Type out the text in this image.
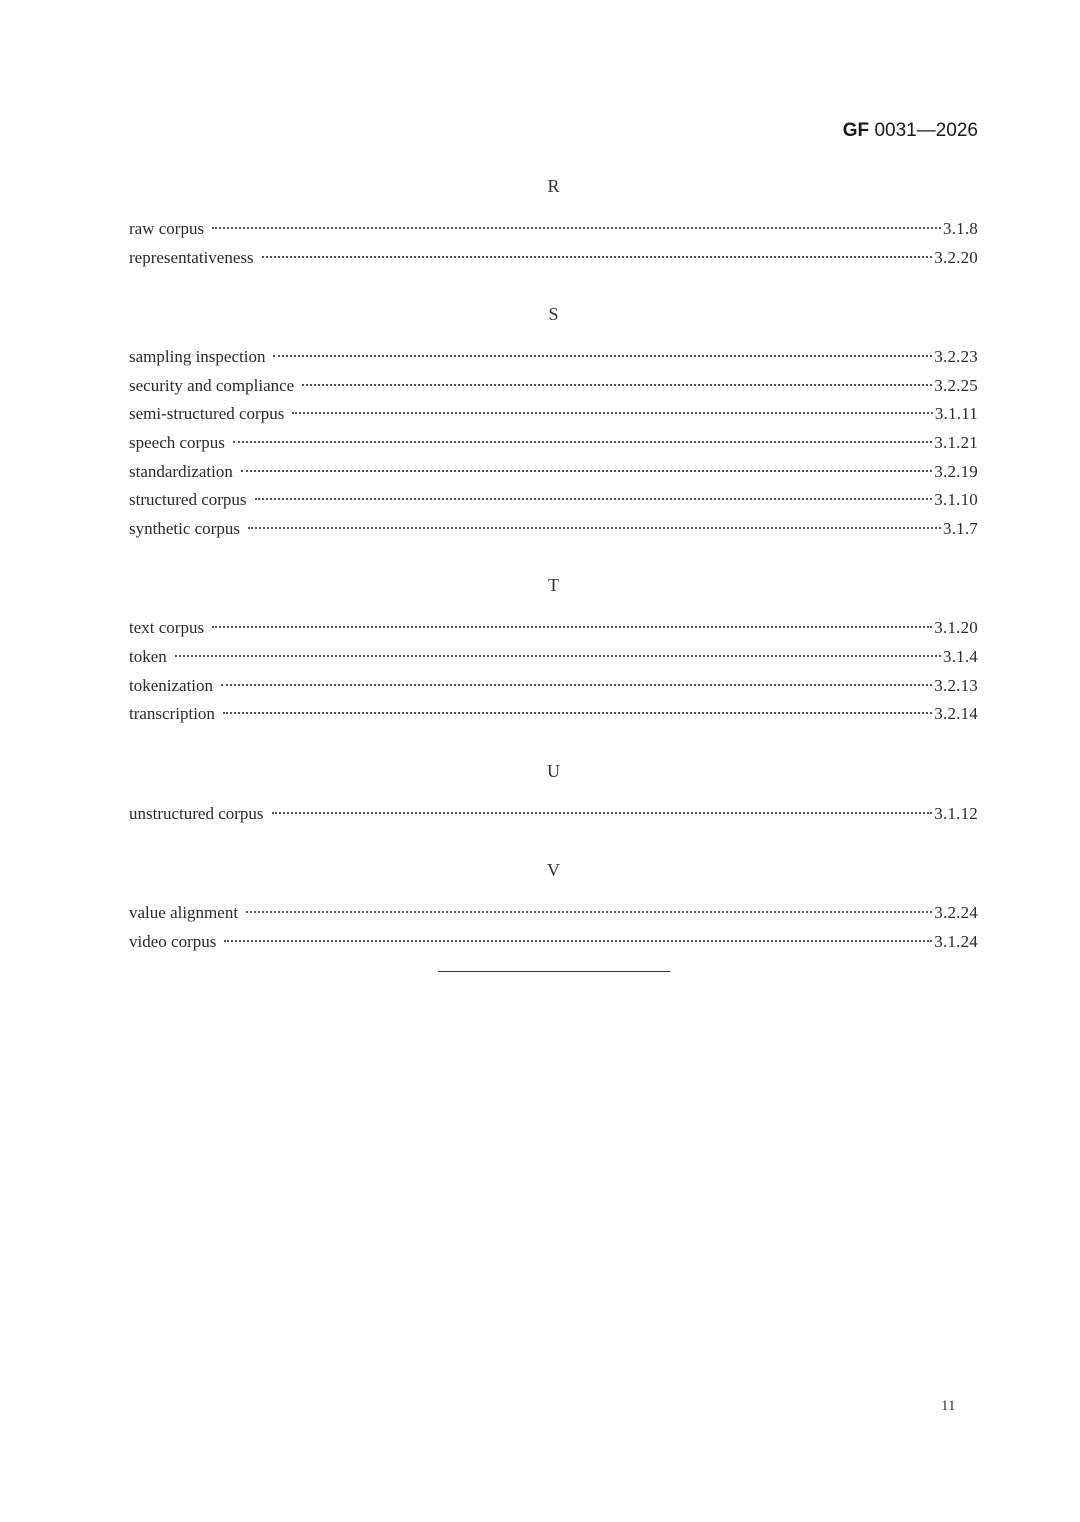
GF 0031—2026
R
raw corpus	3.1.8
representativeness	3.2.20
S
sampling inspection	3.2.23
security and compliance	3.2.25
semi-structured corpus	3.1.11
speech corpus	3.1.21
standardization	3.2.19
structured corpus	3.1.10
synthetic corpus	3.1.7
T
text corpus	3.1.20
token	3.1.4
tokenization	3.2.13
transcription	3.2.14
U
unstructured corpus	3.1.12
V
value alignment	3.2.24
video corpus	3.1.24
11
